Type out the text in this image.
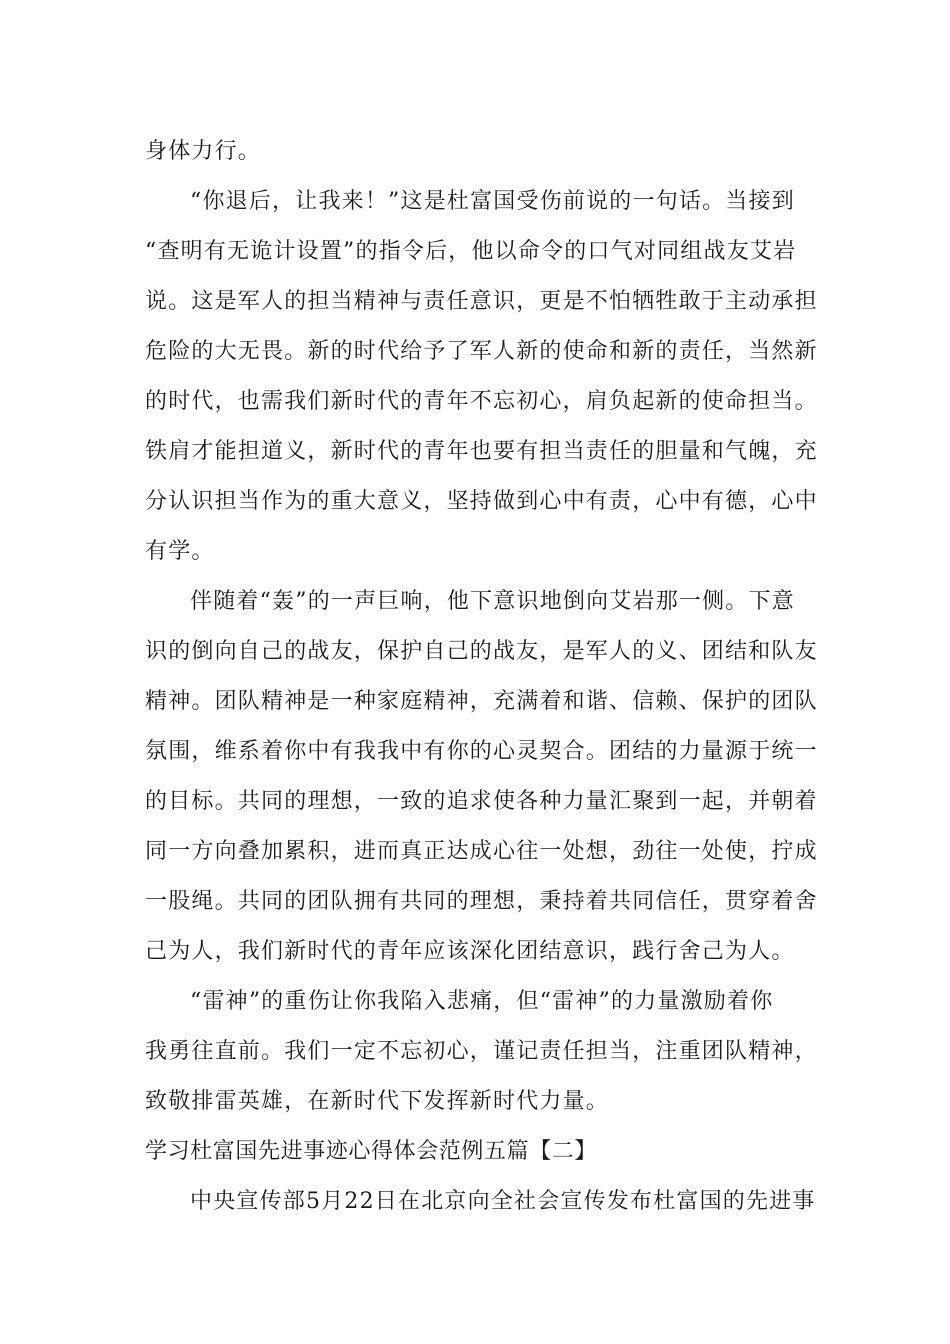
身体力行。
“你退后，让我来！”这是杜富国受伤前说的一句话。当接到
“查明有无诡计设置”的指令后，他以命令的口气对同组战友艾岩
说。这是军人的担当精神与责任意识，更是不怕牺牲敢于主动承担
危险的大无畏。新的时代给予了军人新的使命和新的责任，当然新
的时代，也需我们新时代的青年不忘初心，肩负起新的使命担当。
铁肩才能担道义，新时代的青年也要有担当责任的胆量和气魄，充
分认识担当作为的重大意义，坚持做到心中有责，心中有德，心中
有学。
伴随着“轰”的一声巨响，他下意识地倒向艾岩那一侧。下意
识的倒向自己的战友，保护自己的战友，是军人的义、团结和队友
精神。团队精神是一种家庭精神，充满着和谐、信赖、保护的团队
氛围，维系着你中有我我中有你的心灵契合。团结的力量源于统一
的目标。共同的理想，一致的追求使各种力量汇聚到一起，并朝着
同一方向叠加累积，进而真正达成心往一处想，劲往一处使，拧成
一股绳。共同的团队拥有共同的理想，秉持着共同信任，贯穿着舍
己为人，我们新时代的青年应该深化团结意识，践行舍己为人。
“雷神”的重伤让你我陷入悲痛，但“雷神”的力量激励着你
我勇往直前。我们一定不忘初心，谨记责任担当，注重团队精神，
致敬排雷英雄，在新时代下发挥新时代力量。
学习杜富国先进事迹心得体会范例五篇【二】
中央宣传部5月22日在北京向全社会宣传发布杜富国的先进事
